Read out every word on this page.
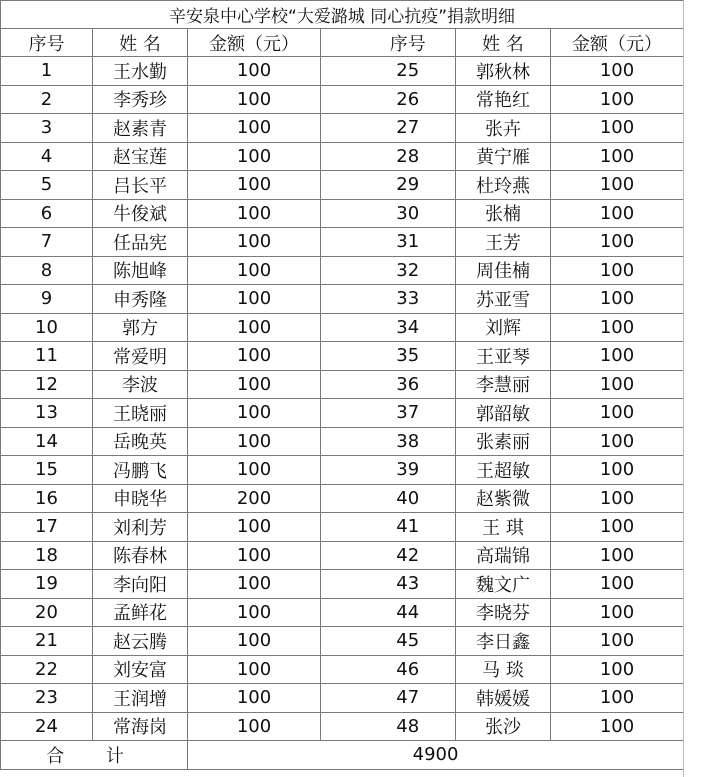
辛安泉中心学校“大爱潞城 同心抗疫”捐款明细						
序号	姓 名	金额（元）		序号	姓 名	金额（元）
1	王水勤	100		25	郭秋林	100
2	李秀珍	100		26	常艳红	100
3	赵素青	100		27	张卉	100
4	赵宝莲	100		28	黄宁雁	100
5	吕长平	100		29	杜玲燕	100
6	牛俊斌	100		30	张楠	100
7	任品宪	100		31	王芳	100
8	陈旭峰	100		32	周佳楠	100
9	申秀隆	100		33	苏亚雪	100
10	郭方	100		34	刘辉	100
11	常爱明	100		35	王亚琴	100
12	李波	100		36	李慧丽	100
13	王晓丽	100		37	郭韶敏	100
14	岳晚英	100		38	张素丽	100
15	冯鹏飞	100		39	王超敏	100
16	申晓华	200		40	赵紫微	100
17	刘利芳	100		41	王 琪	100
18	陈春林	100		42	高瑞锦	100
19	李向阳	100		43	魏文广	100
20	孟鲜花	100		44	李晓芬	100
21	赵云腾	100		45	李日鑫	100
22	刘安富	100		46	马 琰	100
23	王润增	100		47	韩媛媛	100
24	常海岗	100		48	张沙	100
合 计		4900				
